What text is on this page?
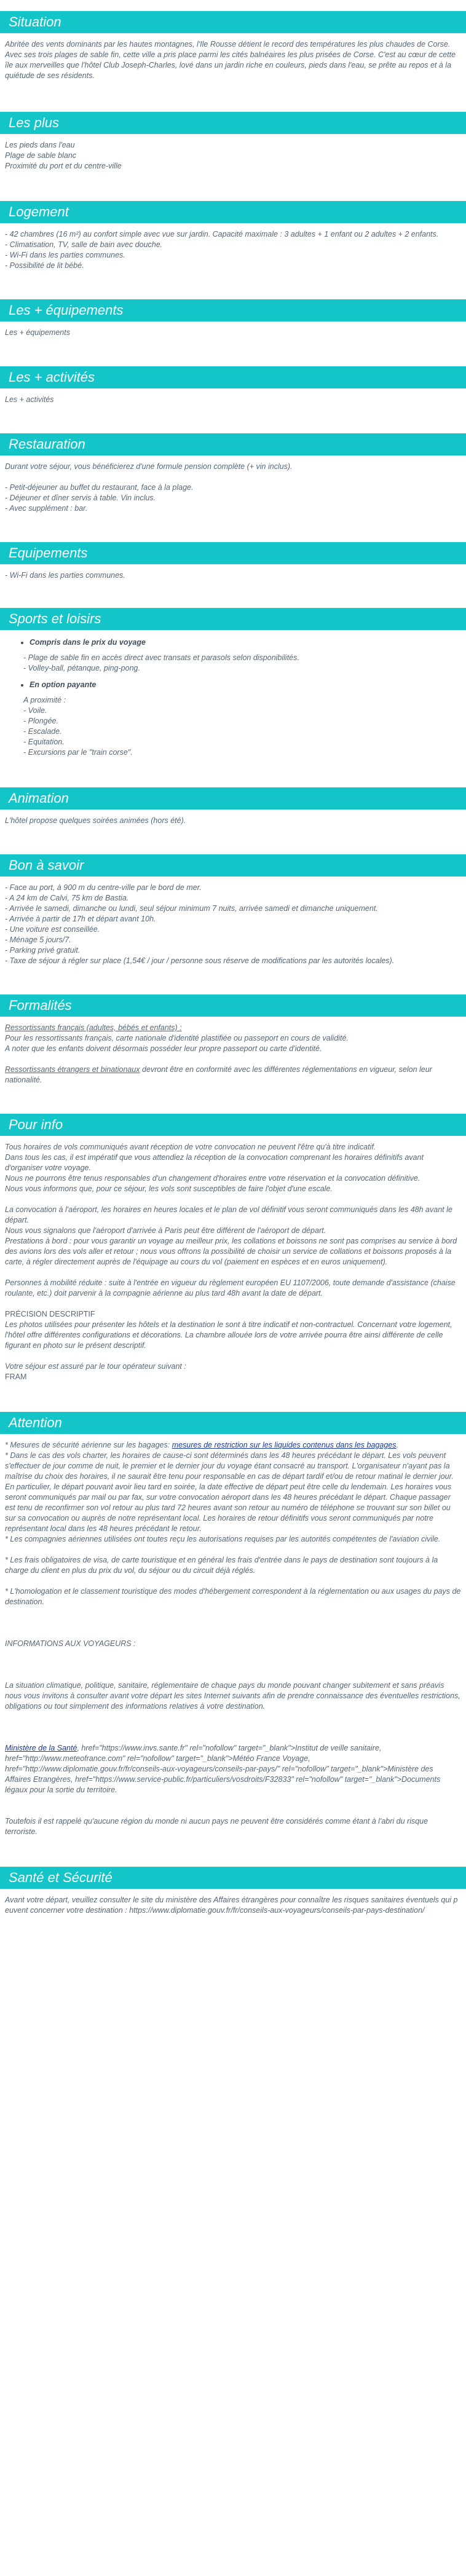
Situation

Abritée des vents dominants par les hautes montagnes, l'Ile Rousse détient le record des températures les plus chaudes de Corse. Avec ses trois plages de sable fin, cette ville a pris place parmi les cités balnéaires les plus prisées de Corse. C'est au cœur de cette île aux merveilles que l'hôtel Club Joseph-Charles, lové dans un jardin riche en couleurs, pieds dans l'eau, se prête au repos et à la quiétude de ses résidents.

Les plus

Les pieds dans l'eau

Plage de sable blanc

Proximité du port et du centre-ville

Logement

- 42 chambres (16 m²) au confort simple avec vue sur jardin. Capacité maximale : 3 adultes + 1 enfant ou 2 adultes + 2 enfants.

- Climatisation, TV, salle de bain avec douche.

- Wi-Fi dans les parties communes.

- Possibilité de lit bébé.

Les + équipements

Les + équipements

Les + activités

Les + activités

Restauration

Durant votre séjour, vous bénéficierez d'une formule pension complète (+ vin inclus).

- Petit-déjeuner au buffet du restaurant, face à la plage.

- Déjeuner et dîner servis à table. Vin inclus.

- Avec supplément : bar.

Equipements

- Wi-Fi dans les parties communes.

Sports et loisirs
• Compris dans le prix du voyage

- Plage de sable fin en accès direct avec transats et parasols selon disponibilités.

- Volley-ball, pétanque, ping-pong.

• En option payante

A proximité :

- Voile.

- Plongée.

- Escalade.

- Equitation.

- Excursions par le "train corse".

Animation

L'hôtel propose quelques soirées animées (hors été).

Bon à savoir

- Face au port, à 900 m du centre-ville par le bord de mer.

- A 24 km de Calvi, 75 km de Bastia.

- Arrivée le samedi, dimanche ou lundi, seul séjour minimum 7 nuits, arrivée samedi et dimanche uniquement.

- Arrivée à partir de 17h et départ avant 10h.

- Une voiture est conseillée.

- Ménage 5 jours/7.

- Parking privé gratuit.

- Taxe de séjour à régler sur place (1,54€ / jour / personne sous réserve de modifications par les autorités locales).

Formalités

Ressortissants français (adultes, bébés et enfants) :

Pour les ressortissants français, carte nationale d'identité plastifiée ou passeport en cours de validité.

A noter que les enfants doivent désormais posséder leur propre passeport ou carte d'identité.

Ressortissants étrangers et binationaux devront être en conformité avec les différentes réglementations en vigueur, selon leur nationalité.

Pour info

Tous horaires de vols communiqués avant réception de votre convocation ne peuvent l'être qu'à titre indicatif.

Dans tous les cas, il est impératif que vous attendiez la réception de la convocation comprenant les horaires définitifs avant d'organiser votre voyage.

Nous ne pourrons être tenus responsables d'un changement d'horaires entre votre réservation et la convocation définitive.

Nous vous informons que, pour ce séjour, les vols sont susceptibles de faire l'objet d'une escale.

La convocation à l'aéroport, les horaires en heures locales et le plan de vol définitif vous seront communiqués dans les 48h avant le départ.

Nous vous signalons que l'aéroport d'arrivée à Paris peut être différent de l'aéroport de départ.

Prestations à bord : pour vous garantir un voyage au meilleur prix, les collations et boissons ne sont pas comprises au service à bord des avions lors des vols aller et retour ; nous vous offrons la possibilité de choisir un service de collations et boissons proposés à la carte, à régler directement auprès de l'équipage au cours du vol (paiement en espèces et en euros uniquement).

Personnes à mobilité réduite : suite à l'entrée en vigueur du règlement européen EU 1107/2006, toute demande d'assistance (chaise roulante, etc.) doit parvenir à la compagnie aérienne au plus tard 48h avant la date de départ.

PRÉCISION DESCRIPTIF

Les photos utilisées pour présenter les hôtels et la destination le sont à titre indicatif et non-contractuel. Concernant votre logement, l'hôtel offre différentes configurations et décorations. La chambre allouée lors de votre arrivée pourra être ainsi différente de celle figurant en photo sur le présent descriptif.

Votre séjour est assuré par le tour opérateur suivant :

FRAM

Attention

* Mesures de sécurité aérienne sur les bagages: mesures de restriction sur les liquides contenus dans les bagages.

* Dans le cas des vols charter, les horaires de cause-ci sont déterminés dans les 48 heures précédant le départ. Les vols peuvent s'effectuer de jour comme de nuit, le premier et le dernier jour du voyage étant consacré au transport. L'organisateur n'ayant pas la maîtrise du choix des horaires, il ne saurait être tenu pour responsable en cas de départ tardif et/ou de retour matinal le dernier jour. En particulier, le départ pouvant avoir lieu tard en soirée, la date effective de départ peut être celle du lendemain. Les horaires vous seront communiqués par mail ou par fax, sur votre convocation aéroport dans les 48 heures précédant le départ. Chaque passager est tenu de reconfirmer son vol retour au plus tard 72 heures avant son retour au numéro de téléphone se trouvant sur son billet ou sur sa convocation ou auprès de notre représentant local. Les horaires de retour définitifs vous seront communiqués par notre représentant local dans les 48 heures précédant le retour.

* Les compagnies aériennes utilisées ont toutes reçu les autorisations requises par les autorités compétentes de l'aviation civile.

* Les frais obligatoires de visa, de carte touristique et en général les frais d'entrée dans le pays de destination sont toujours à la charge du client en plus du prix du vol, du séjour ou du circuit déjà réglés.

* L'homologation et le classement touristique des modes d'hébergement correspondent à la réglementation ou aux usages du pays de destination.

INFORMATIONS AUX VOYAGEURS :

La situation climatique, politique, sanitaire, réglementaire de chaque pays du monde pouvant changer subitement et sans préavis

nous vous invitons à consulter avant votre départ les sites Internet suivants afin de prendre connaissance des éventuelles restrictions, obligations ou tout simplement des informations relatives à votre destination.

Ministère de la Santé, href="https://www.invs.sante.fr" rel="nofollow" target="_blank">Institut de veille sanitaire, href="http://www.meteofrance.com" rel="nofollow" target="_blank">Météo France Voyage, href="http://www.diplomatie.gouv.fr/fr/conseils-aux-voyageurs/conseils-par-pays/" rel="nofollow" target="_blank">Ministère des Affaires Etrangères, href="https://www.service-public.fr/particuliers/vosdroits/F32833" rel="nofollow" target="_blank">Documents légaux pour la sortie du territoire.

Toutefois il est rappelé qu'aucune région du monde ni aucun pays ne peuvent être considérés comme étant à l'abri du risque terroriste.

Santé et Sécurité

Avant votre départ, veuillez consulter le site du ministère des Affaires étrangères pour connaître les risques sanitaires éventuels qui peuvent concerner votre destination : https://www.diplomatie.gouv.fr/fr/conseils-aux-voyageurs/conseils-par-pays-destination/
